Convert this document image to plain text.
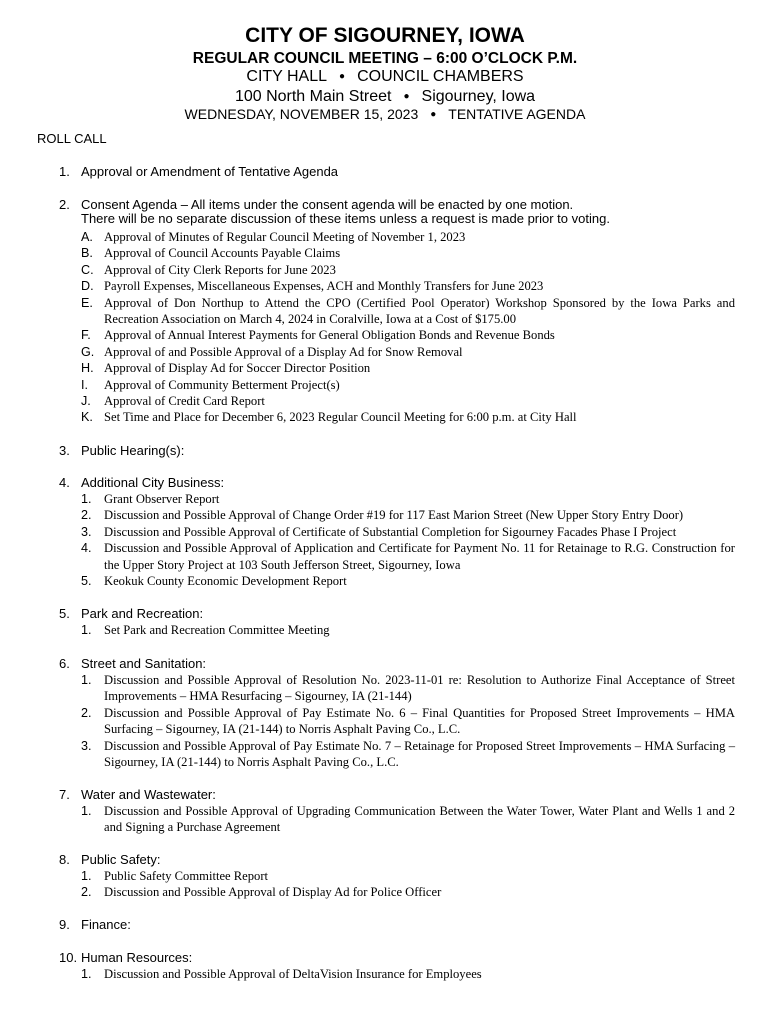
CITY OF SIGOURNEY, IOWA
REGULAR COUNCIL MEETING – 6:00 O’CLOCK P.M.
CITY HALL ● COUNCIL CHAMBERS
100 North Main Street ● Sigourney, Iowa
WEDNESDAY, NOVEMBER 15, 2023 ● TENTATIVE AGENDA
ROLL CALL
1. Approval or Amendment of Tentative Agenda
2. Consent Agenda – All items under the consent agenda will be enacted by one motion.
There will be no separate discussion of these items unless a request is made prior to voting.
A. Approval of Minutes of Regular Council Meeting of November 1, 2023
B. Approval of Council Accounts Payable Claims
C. Approval of City Clerk Reports for June 2023
D. Payroll Expenses, Miscellaneous Expenses, ACH and Monthly Transfers for June 2023
E. Approval of Don Northup to Attend the CPO (Certified Pool Operator) Workshop Sponsored by the Iowa Parks and Recreation Association on March 4, 2024 in Coralville, Iowa at a Cost of $175.00
F. Approval of Annual Interest Payments for General Obligation Bonds and Revenue Bonds
G. Approval of and Possible Approval of a Display Ad for Snow Removal
H. Approval of Display Ad for Soccer Director Position
I. Approval of Community Betterment Project(s)
J. Approval of Credit Card Report
K. Set Time and Place for December 6, 2023 Regular Council Meeting for 6:00 p.m. at City Hall
3. Public Hearing(s):
4. Additional City Business:
1. Grant Observer Report
2. Discussion and Possible Approval of Change Order #19 for 117 East Marion Street (New Upper Story Entry Door)
3. Discussion and Possible Approval of Certificate of Substantial Completion for Sigourney Facades Phase I Project
4. Discussion and Possible Approval of Application and Certificate for Payment No. 11 for Retainage to R.G. Construction for the Upper Story Project at 103 South Jefferson Street, Sigourney, Iowa
5. Keokuk County Economic Development Report
5. Park and Recreation:
1. Set Park and Recreation Committee Meeting
6. Street and Sanitation:
1. Discussion and Possible Approval of Resolution No. 2023-11-01 re: Resolution to Authorize Final Acceptance of Street Improvements – HMA Resurfacing – Sigourney, IA (21-144)
2. Discussion and Possible Approval of Pay Estimate No. 6 – Final Quantities for Proposed Street Improvements – HMA Surfacing – Sigourney, IA (21-144) to Norris Asphalt Paving Co., L.C.
3. Discussion and Possible Approval of Pay Estimate No. 7 – Retainage for Proposed Street Improvements – HMA Surfacing – Sigourney, IA (21-144) to Norris Asphalt Paving Co., L.C.
7. Water and Wastewater:
1. Discussion and Possible Approval of Upgrading Communication Between the Water Tower, Water Plant and Wells 1 and 2 and Signing a Purchase Agreement
8. Public Safety:
1. Public Safety Committee Report
2. Discussion and Possible Approval of Display Ad for Police Officer
9. Finance:
10. Human Resources:
1. Discussion and Possible Approval of DeltaVision Insurance for Employees
